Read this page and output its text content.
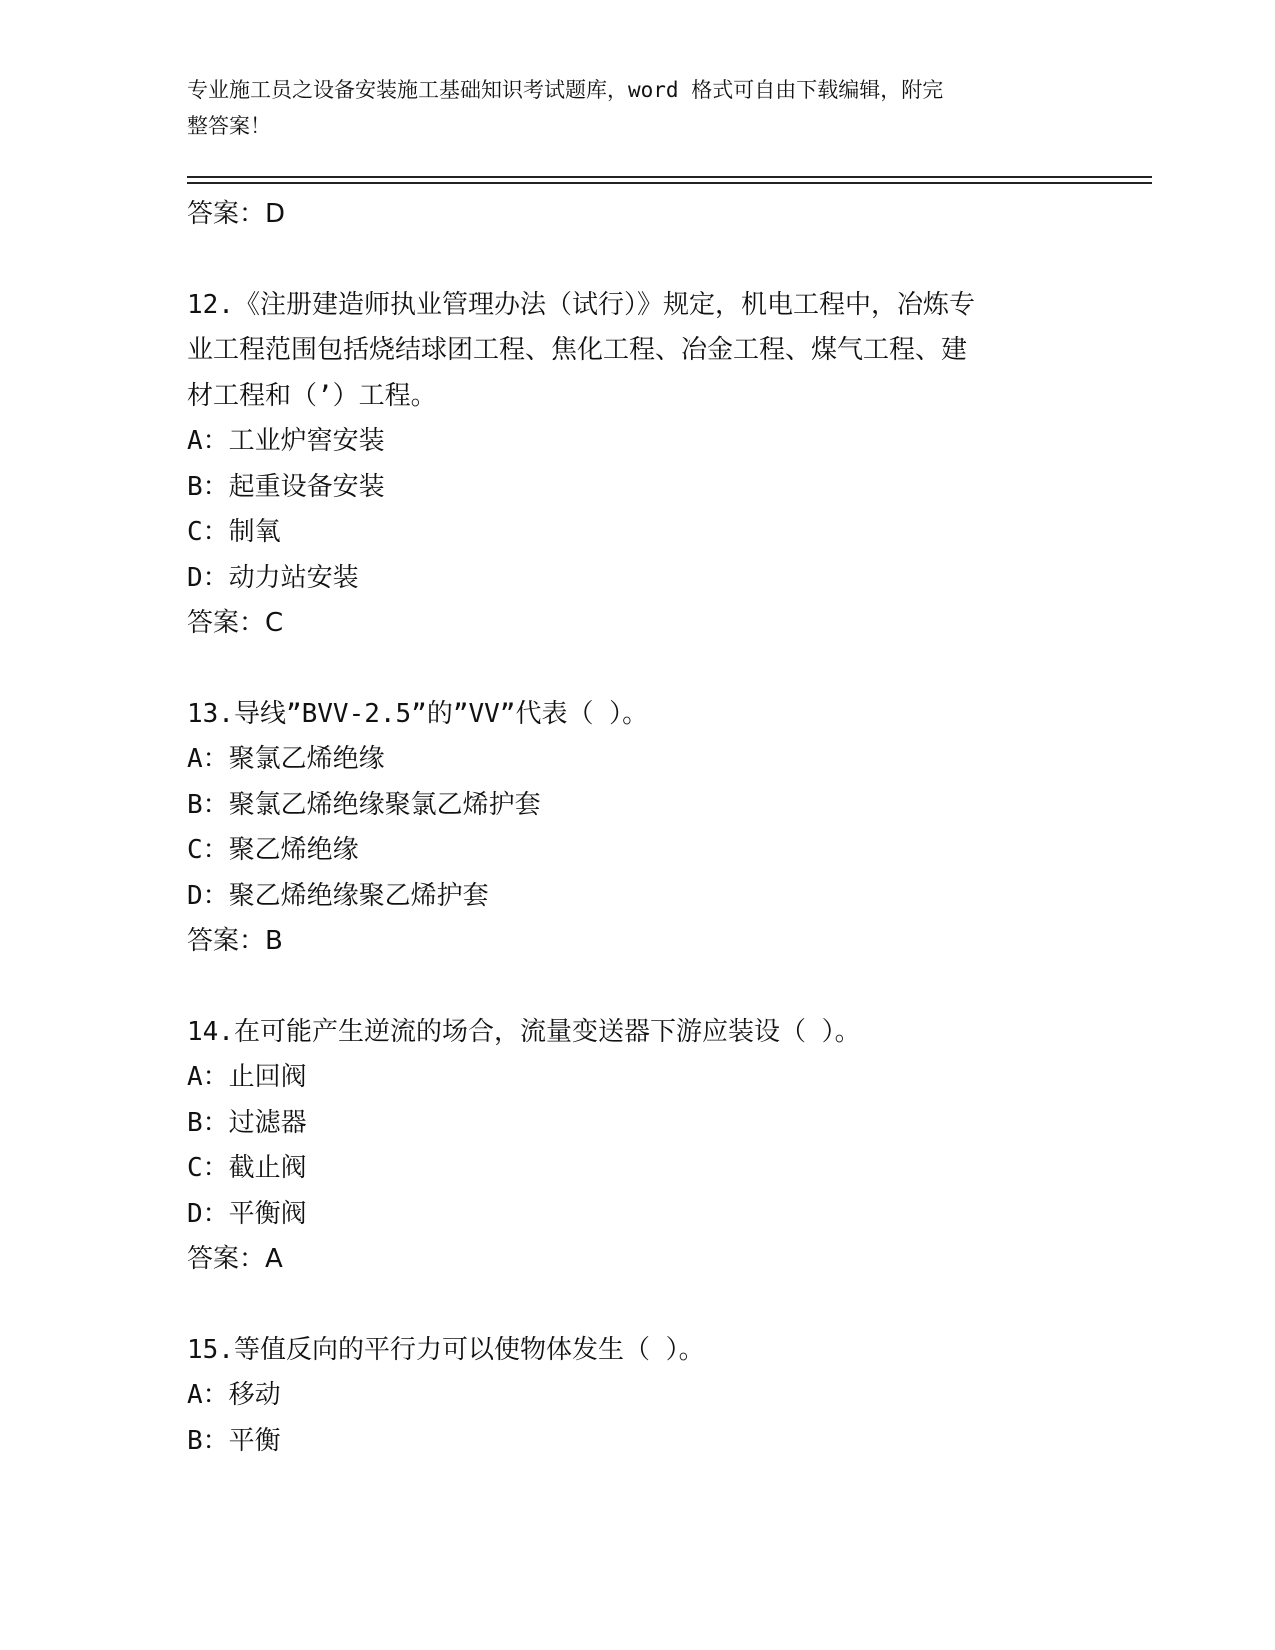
专业施工员之设备安装施工基础知识考试题库，word 格式可自由下载编辑，附完
整答案！
答案：D
12.《注册建造师执业管理办法（试行）》规定，机电工程中，冶炼专
业工程范围包括烧结球团工程、焦化工程、冶金工程、煤气工程、建
材工程和（’）工程。
A：工业炉窖安装
B：起重设备安装
C：制氧
D：动力站安装
答案：C
13.导线”BVV-2.5”的”VV”代表（ ）。
A：聚氯乙烯绝缘
B：聚氯乙烯绝缘聚氯乙烯护套
C：聚乙烯绝缘
D：聚乙烯绝缘聚乙烯护套
答案：B
14.在可能产生逆流的场合，流量变送器下游应装设（ ）。
A：止回阀
B：过滤器
C：截止阀
D：平衡阀
答案：A
15.等值反向的平行力可以使物体发生（ ）。
A：移动
B：平衡
